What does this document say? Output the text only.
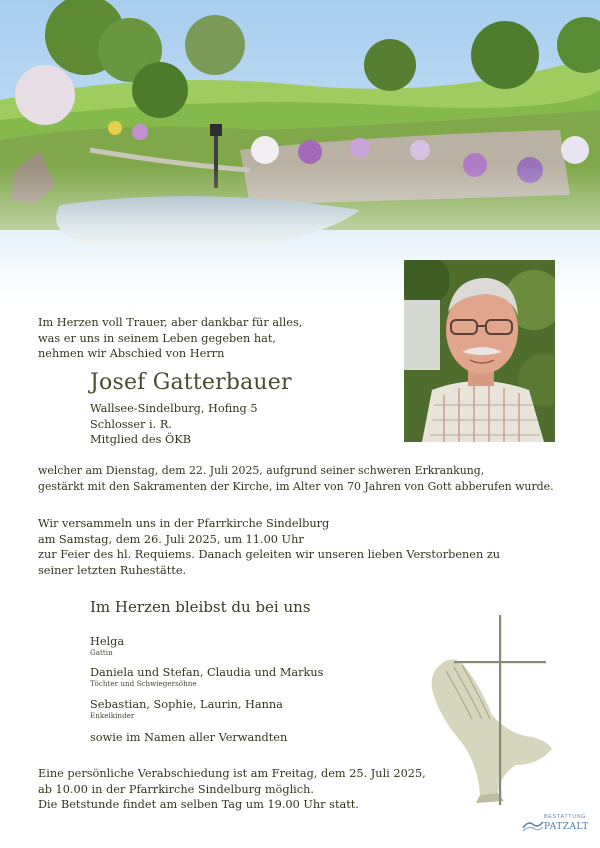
Im Herzen voll Trauer, aber dankbar für alles,
was er uns in seinem Leben gegeben hat,
nehmen wir Abschied von Herrn
Josef Gatterbauer
Wallsee-Sindelburg, Hofing 5
Schlosser i. R.
Mitglied des ÖKB
welcher am Dienstag, dem 22. Juli 2025, aufgrund seiner schweren Erkrankung,
gestärkt mit den Sakramenten der Kirche, im Alter von 70 Jahren von Gott abberufen wurde.
Wir versammeln uns in der Pfarrkirche Sindelburg
am Samstag, dem 26. Juli 2025, um 11.00 Uhr
zur Feier des hl. Requiems. Danach geleiten wir unseren lieben Verstorbenen zu
seiner letzten Ruhestätte.
Im Herzen bleibst du bei uns
Helga
Gattin
Daniela und Stefan, Claudia und Markus
Töchter und Schwiegersöhne
Sebastian, Sophie, Laurin, Hanna
Enkelkinder
sowie im Namen aller Verwandten
Eine persönliche Verabschiedung ist am Freitag, dem 25. Juli 2025,
ab 10.00 in der Pfarrkirche Sindelburg möglich.
Die Betstunde findet am selben Tag um 19.00 Uhr statt.
BESTATTUNG
PATZALT
